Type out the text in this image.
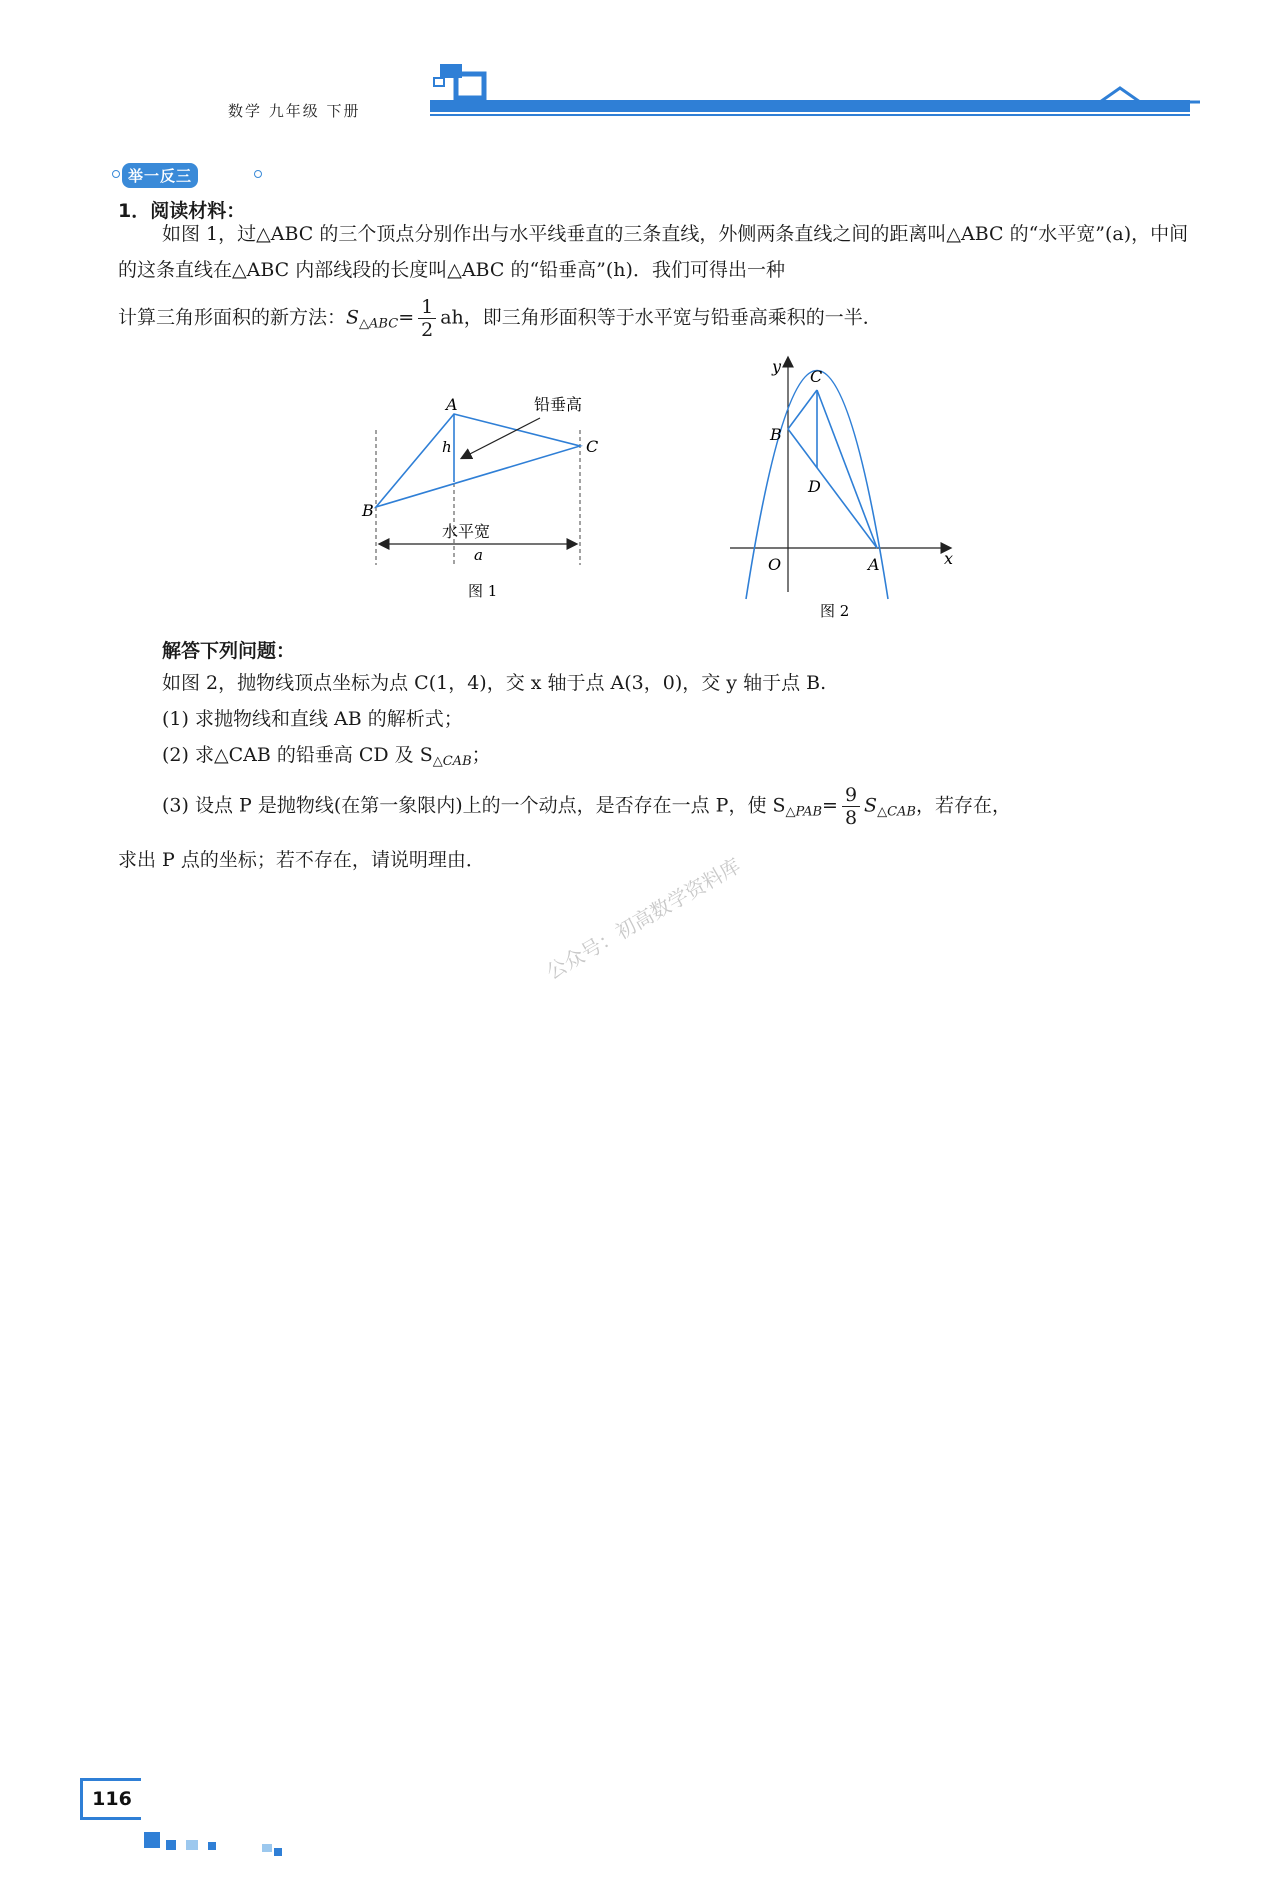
数学 九年级 下册
举一反三
1．阅读材料：
如图 1，过△ABC 的三个顶点分别作出与水平线垂直的三条直线，外侧两条直线之间的距离叫△ABC 的“水平宽”(a)，中间的这条直线在△ABC 内部线段的长度叫△ABC 的“铅垂高”(h)．我们可得出一种
计算三角形面积的新方法：$S_{\triangle ABC}= \frac{1}{2}$ ah，即三角形面积等于水平宽与铅垂高乘积的一半．
A
B
C
h
铅垂高
水平宽
a
图 1
y
x
O	A
B
C
D
图 2
解答下列问题：
如图 2，抛物线顶点坐标为点 C(1，4)，交 x 轴于点 A(3，0)，交 y 轴于点 B.
(1) 求抛物线和直线 AB 的解析式；
(2) 求△CAB 的铅垂高 CD 及 $S_{\triangle CAB}$；
(3) 设点 P 是抛物线(在第一象限内)上的一个动点，是否存在一点 P，使 $S_{\triangle PAB}= \frac{9}{8} S_{\triangle CAB}$，若存在，
求出 P 点的坐标；若不存在，请说明理由．	公众号：初高数学资料库
116
